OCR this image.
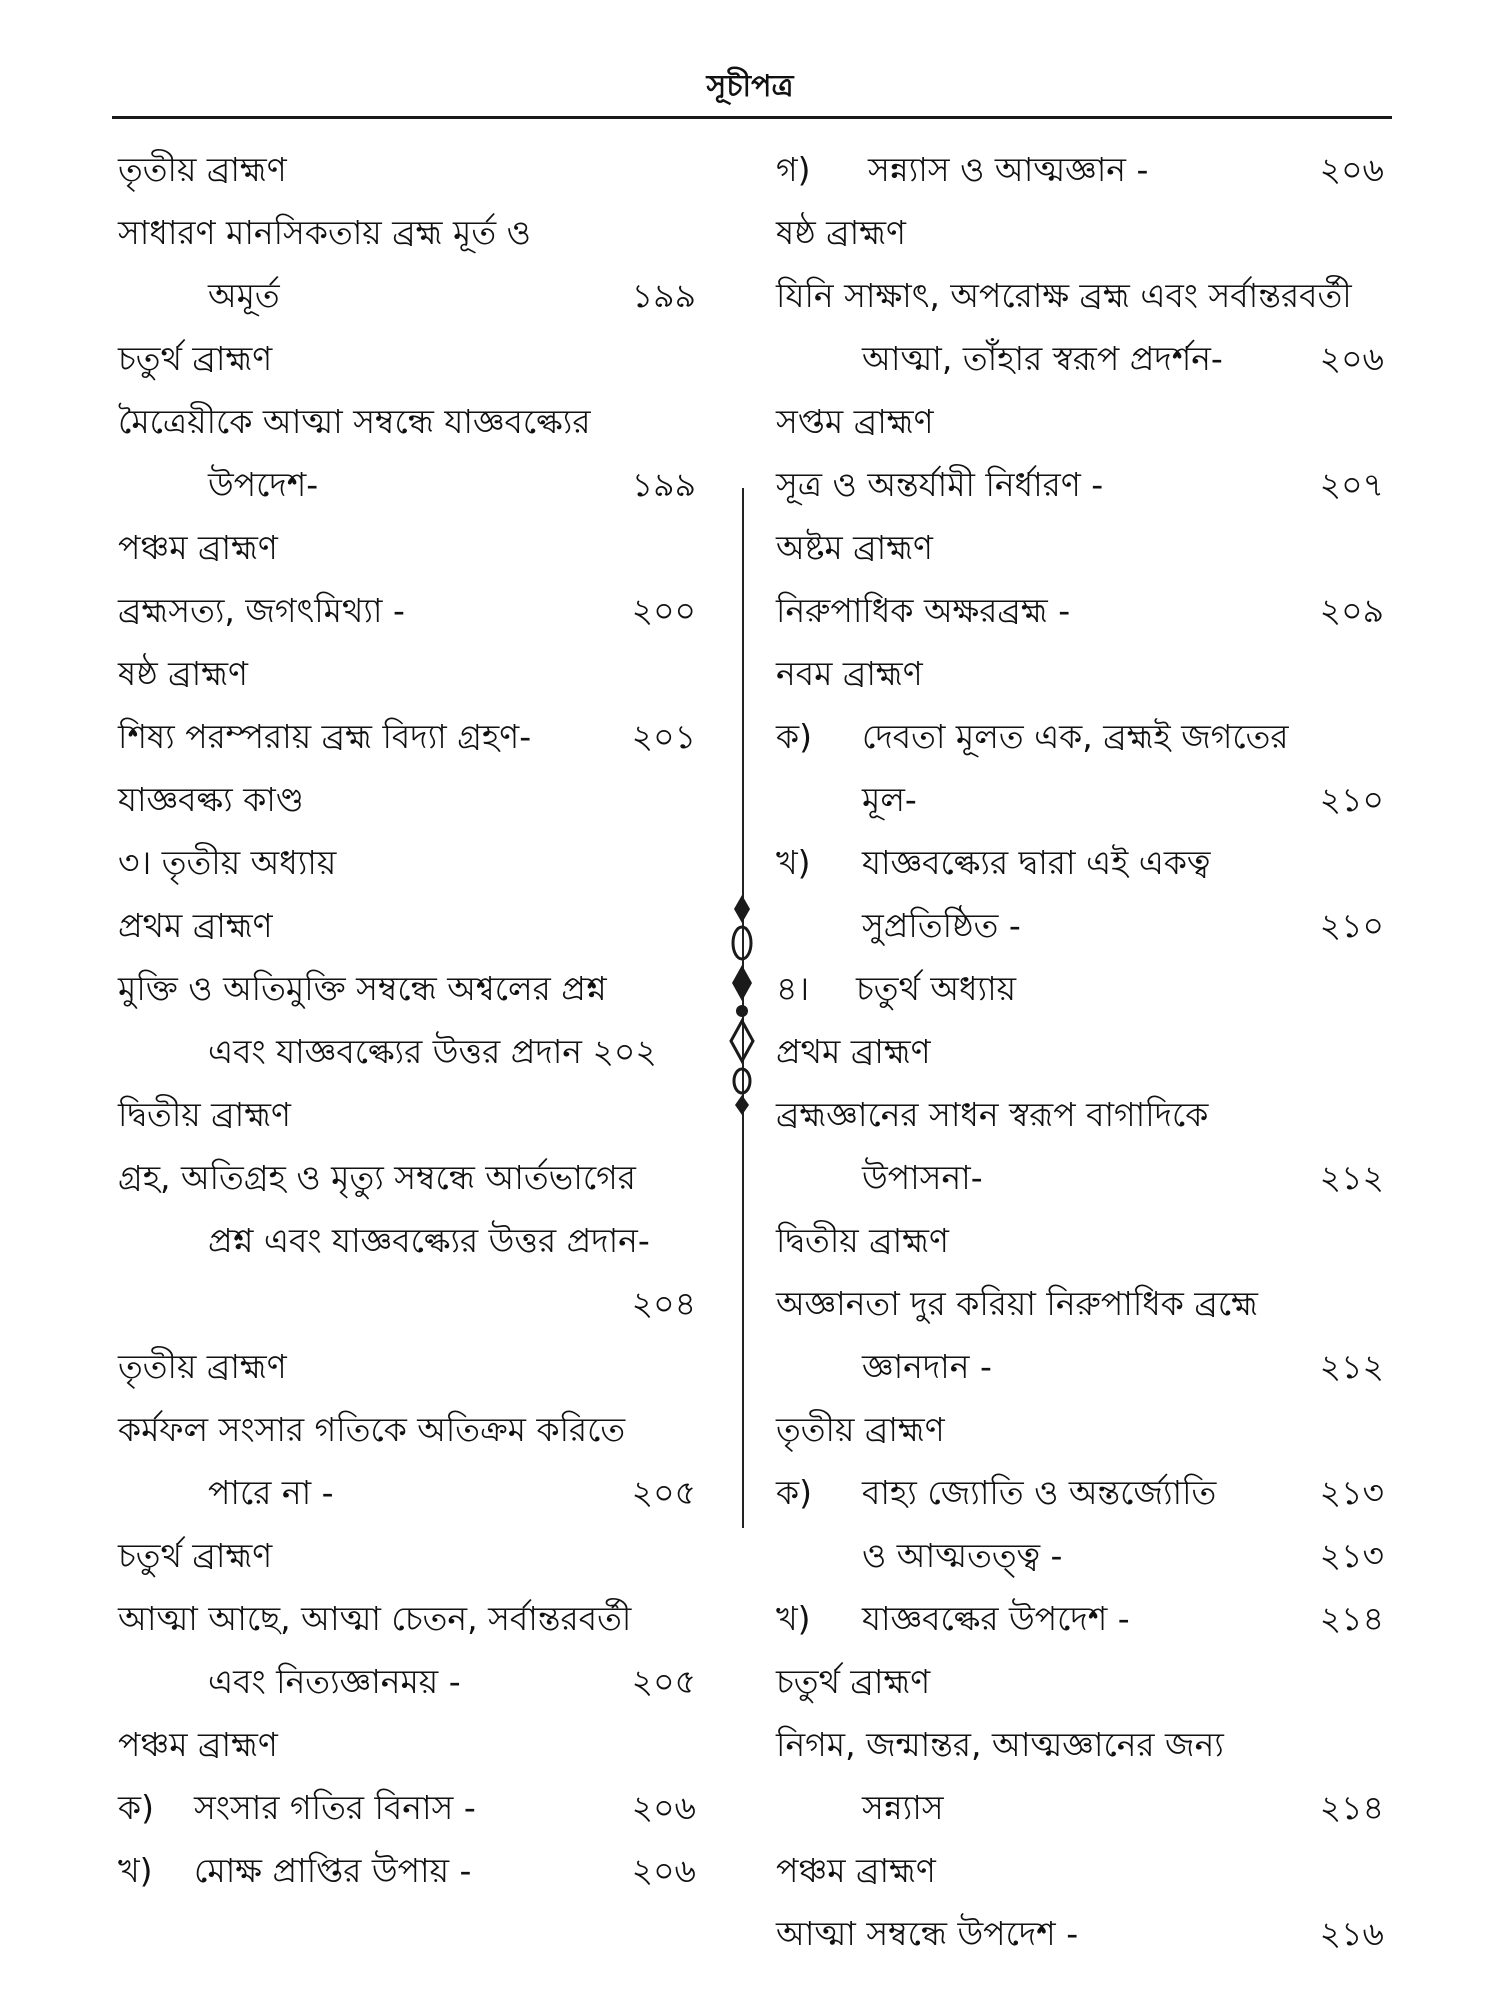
সূচীপত্র
তৃতীয় ব্রাহ্মণ
সাধারণ মানসিকতায় ব্রহ্ম মূর্ত ও
অমূর্ত	১৯৯
চতুর্থ ব্রাহ্মণ
মৈত্রেয়ীকে আত্মা সম্বন্ধে যাজ্ঞবল্ক্যের
উপদেশ-	১৯৯
পঞ্চম ব্রাহ্মণ
ব্রহ্মসত্য, জগৎমিথ্যা -	২০০
ষষ্ঠ ব্রাহ্মণ
শিষ্য পরম্পরায় ব্রহ্ম বিদ্যা গ্রহণ-	২০১
যাজ্ঞবল্ক্য কাণ্ড
৩। তৃতীয় অধ্যায়
প্রথম ব্রাহ্মণ
মুক্তি ও অতিমুক্তি সম্বন্ধে অশ্বলের প্রশ্ন
এবং যাজ্ঞবল্ক্যের উত্তর প্রদান ২০২
দ্বিতীয় ব্রাহ্মণ
গ্রহ, অতিগ্রহ ও মৃত্যু সম্বন্ধে আর্তভাগের
প্রশ্ন এবং যাজ্ঞবল্ক্যের উত্তর প্রদান-
২০৪
তৃতীয় ব্রাহ্মণ
কর্মফল সংসার গতিকে অতিক্রম করিতে
পারে না -	২০৫
চতুর্থ ব্রাহ্মণ
আত্মা আছে, আত্মা চেতন, সর্বান্তরবর্তী
এবং নিত্যজ্ঞানময় -	২০৫
পঞ্চম ব্রাহ্মণ
ক) সংসার গতির বিনাস -	২০৬
খ) মোক্ষ প্রাপ্তির উপায় -	২০৬
গ) সন্ন্যাস ও আত্মজ্ঞান -	২০৬
ষষ্ঠ ব্রাহ্মণ
যিনি সাক্ষাৎ, অপরোক্ষ ব্রহ্ম এবং সর্বান্তরবর্তী
আত্মা, তাঁহার স্বরূপ প্রদর্শন-	২০৬
সপ্তম ব্রাহ্মণ
সূত্র ও অন্তর্যামী নির্ধারণ -	২০৭
অষ্টম ব্রাহ্মণ
নিরুপাধিক অক্ষরব্রহ্ম -	২০৯
নবম ব্রাহ্মণ
ক) দেবতা মূলত এক, ব্রহ্মই জগতের
মূল-	২১০
খ) যাজ্ঞবল্ক্যের দ্বারা এই একত্ব
সুপ্রতিষ্ঠিত -	২১০
৪। চতুর্থ অধ্যায়
প্রথম ব্রাহ্মণ
ব্রহ্মজ্ঞানের সাধন স্বরূপ বাগাদিকে
উপাসনা-	২১২
দ্বিতীয় ব্রাহ্মণ
অজ্ঞানতা দুর করিয়া নিরুপাধিক ব্রহ্মে
জ্ঞানদান -	২১২
তৃতীয় ব্রাহ্মণ
ক) বাহ্য জ্যোতি ও অন্তর্জ্যোতি	২১৩
ও আত্মতত্ত্ব -	২১৩
খ) যাজ্ঞবল্কের উপদেশ -	২১৪
চতুর্থ ব্রাহ্মণ
নিগম, জন্মান্তর, আত্মজ্ঞানের জন্য
সন্ন্যাস	২১৪
পঞ্চম ব্রাহ্মণ
আত্মা সম্বন্ধে উপদেশ -	২১৬
